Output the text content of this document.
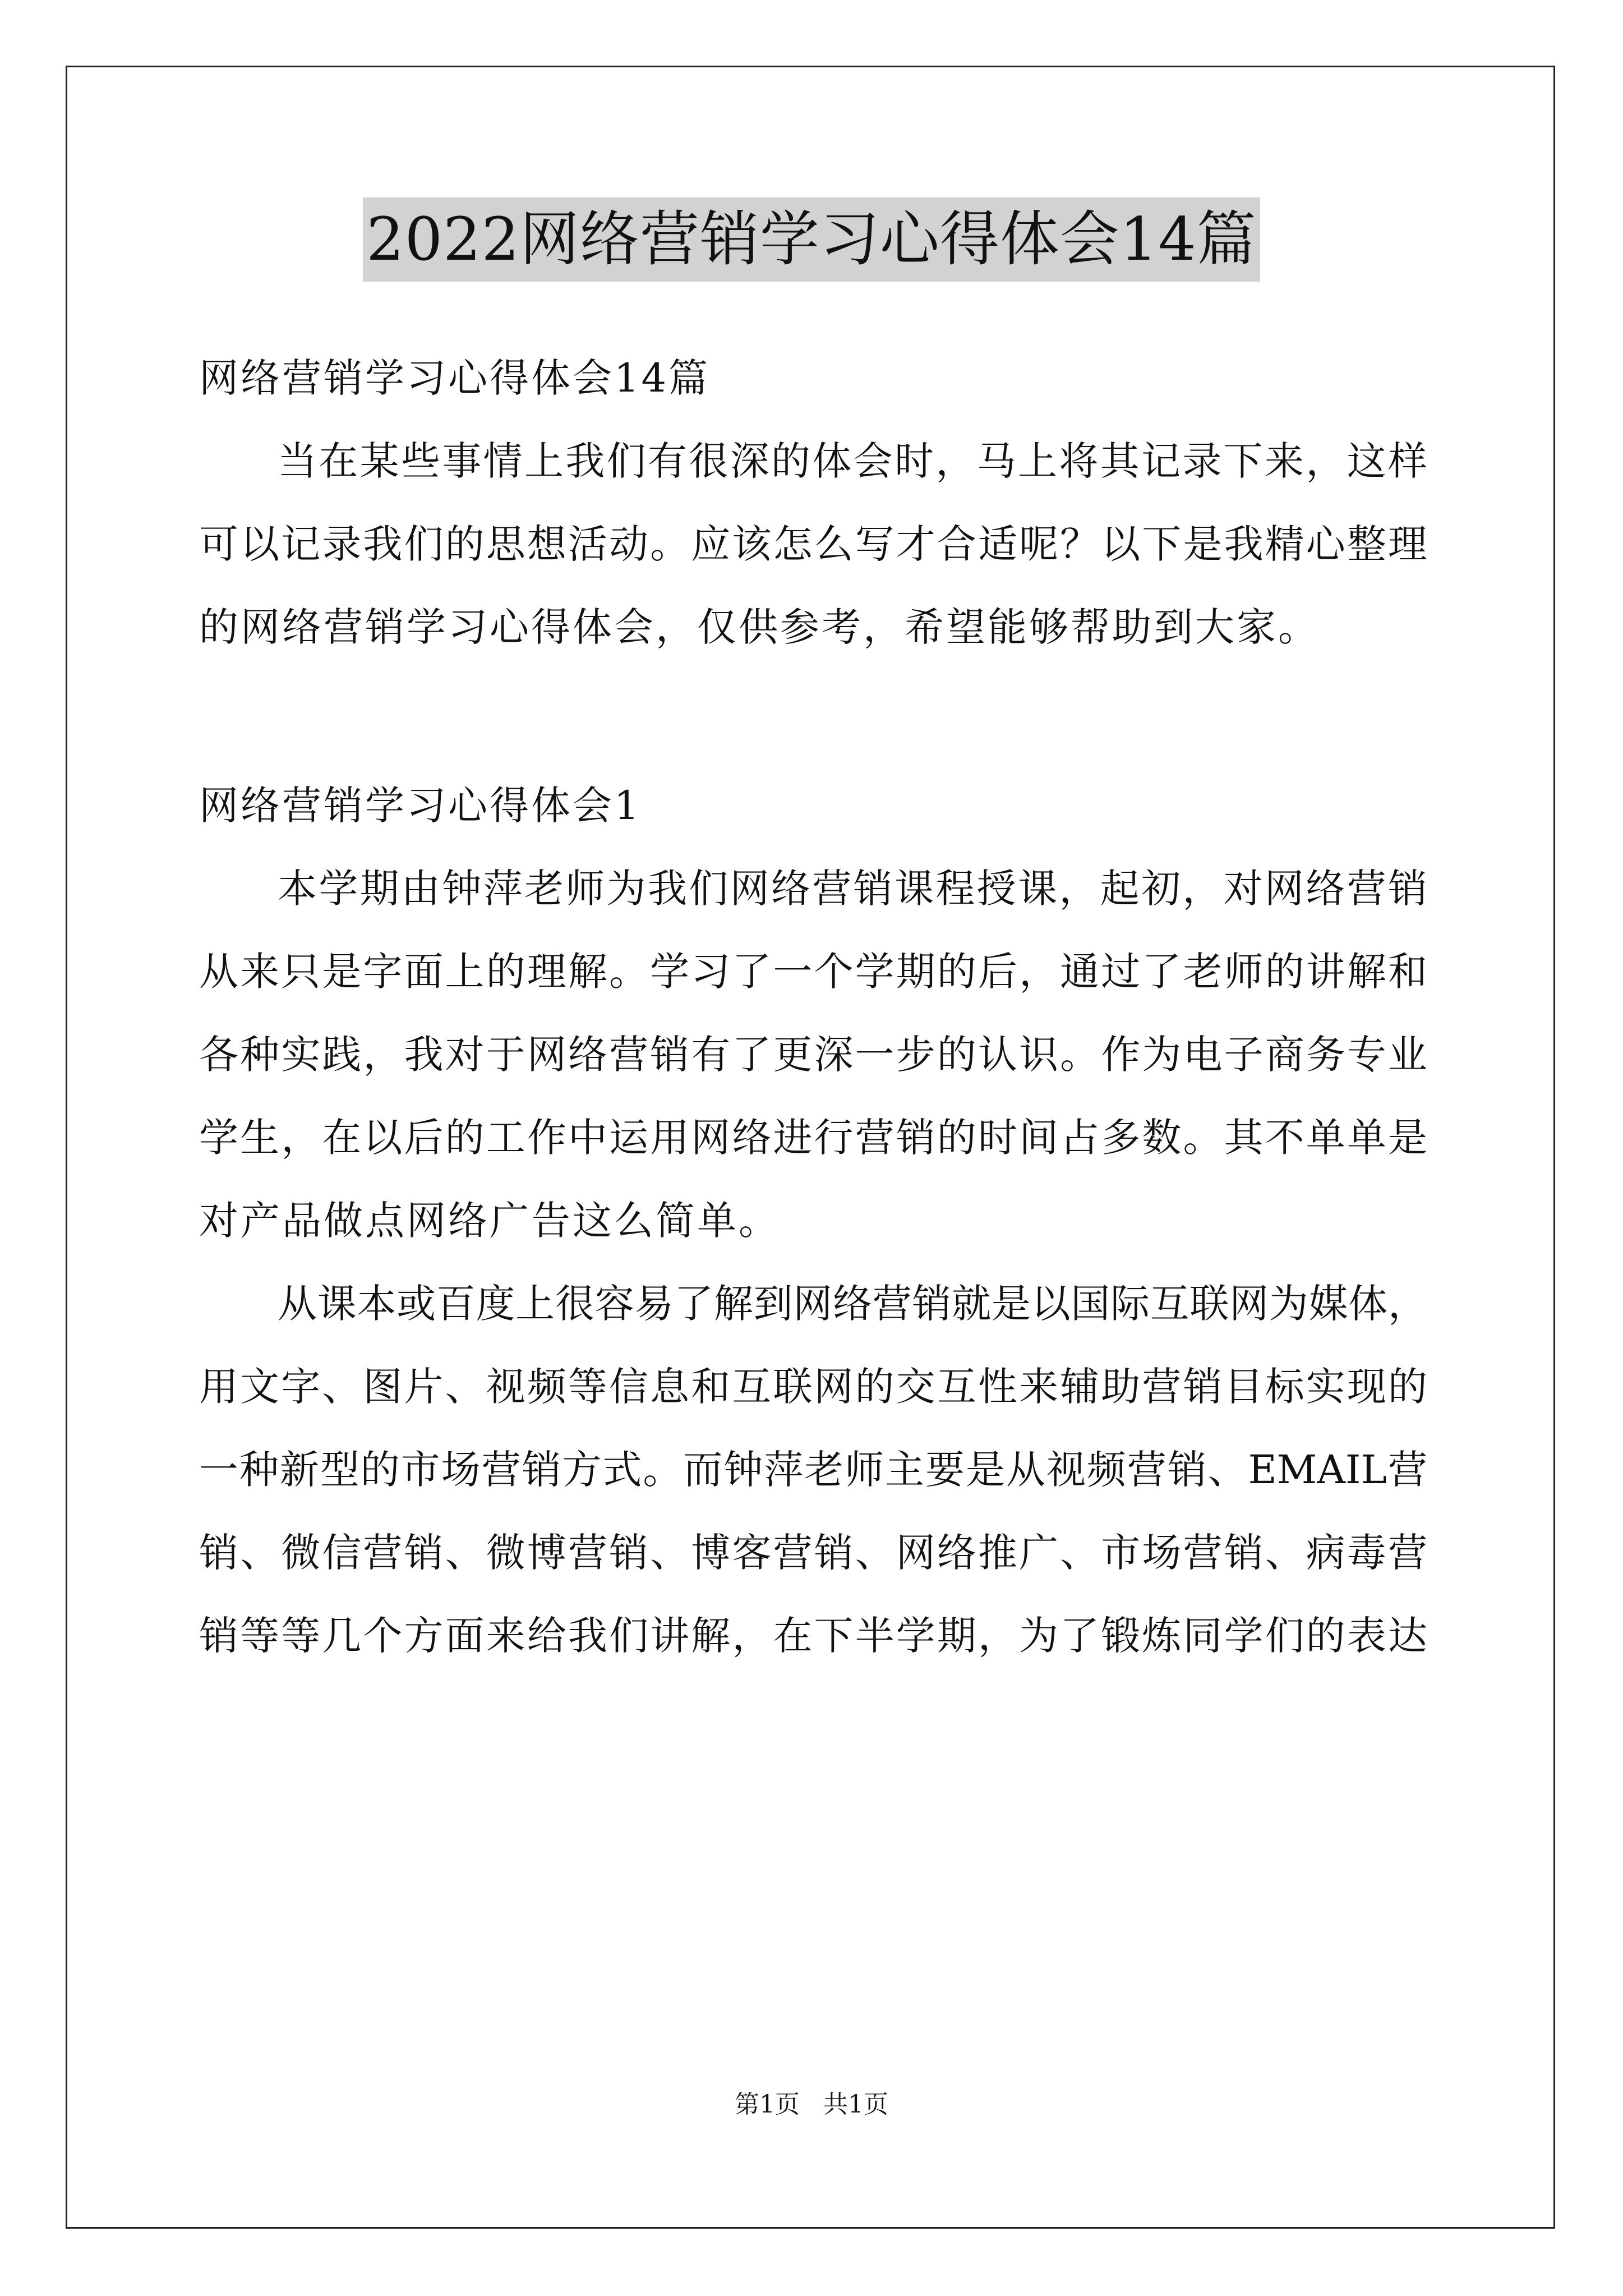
2022网络营销学习心得体会14篇
网络营销学习心得体会14篇
当在某些事情上我们有很深的体会时，马上将其记录下来，这样
可以记录我们的思想活动。应该怎么写才合适呢？以下是我精心整理
的网络营销学习心得体会，仅供参考，希望能够帮助到大家。
网络营销学习心得体会1
本学期由钟萍老师为我们网络营销课程授课，起初，对网络营销
从来只是字面上的理解。学习了一个学期的后，通过了老师的讲解和
各种实践，我对于网络营销有了更深一步的认识。作为电子商务专业
学生，在以后的工作中运用网络进行营销的时间占多数。其不单单是
对产品做点网络广告这么简单。
从课本或百度上很容易了解到网络营销就是以国际互联网为媒体，
用文字、图片、视频等信息和互联网的交互性来辅助营销目标实现的
一种新型的市场营销方式。而钟萍老师主要是从视频营销、EMAIL营
销、微信营销、微博营销、博客营销、网络推广、市场营销、病毒营
销等等几个方面来给我们讲解，在下半学期，为了锻炼同学们的表达
第1页   共1页
